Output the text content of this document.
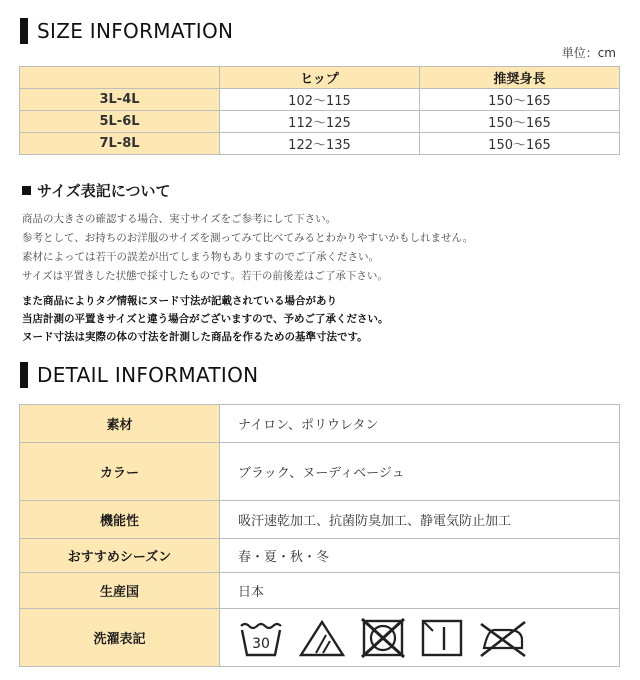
SIZE INFORMATION
単位：cm
	ヒップ	推奨身長
3L-4L	102〜115	150〜165
5L-6L	112〜125	150〜165
7L-8L	122〜135	150〜165
サイズ表記について
商品の大きさの確認する場合、実寸サイズをご参考にして下さい。
参考として、お持ちのお洋服のサイズを測ってみて比べてみるとわかりやすいかもしれません。
素材によっては若干の誤差が出てしまう物もありますのでご了承ください。
サイズは平置きした状態で採寸したものです。若干の前後差はご了承下さい。
また商品によりタグ情報にヌード寸法が記載されている場合があり
当店計測の平置きサイズと違う場合がございますので、予めご了承ください。
ヌード寸法は実際の体の寸法を計測した商品を作るための基準寸法です。
DETAIL INFORMATION
素材	ナイロン、ポリウレタン
カラー	ブラック、ヌーディベージュ
機能性	吸汗速乾加工、抗菌防臭加工、静電気防止加工
おすすめシーズン	春・夏・秋・冬
生産国	日本
洗濯表記	30
